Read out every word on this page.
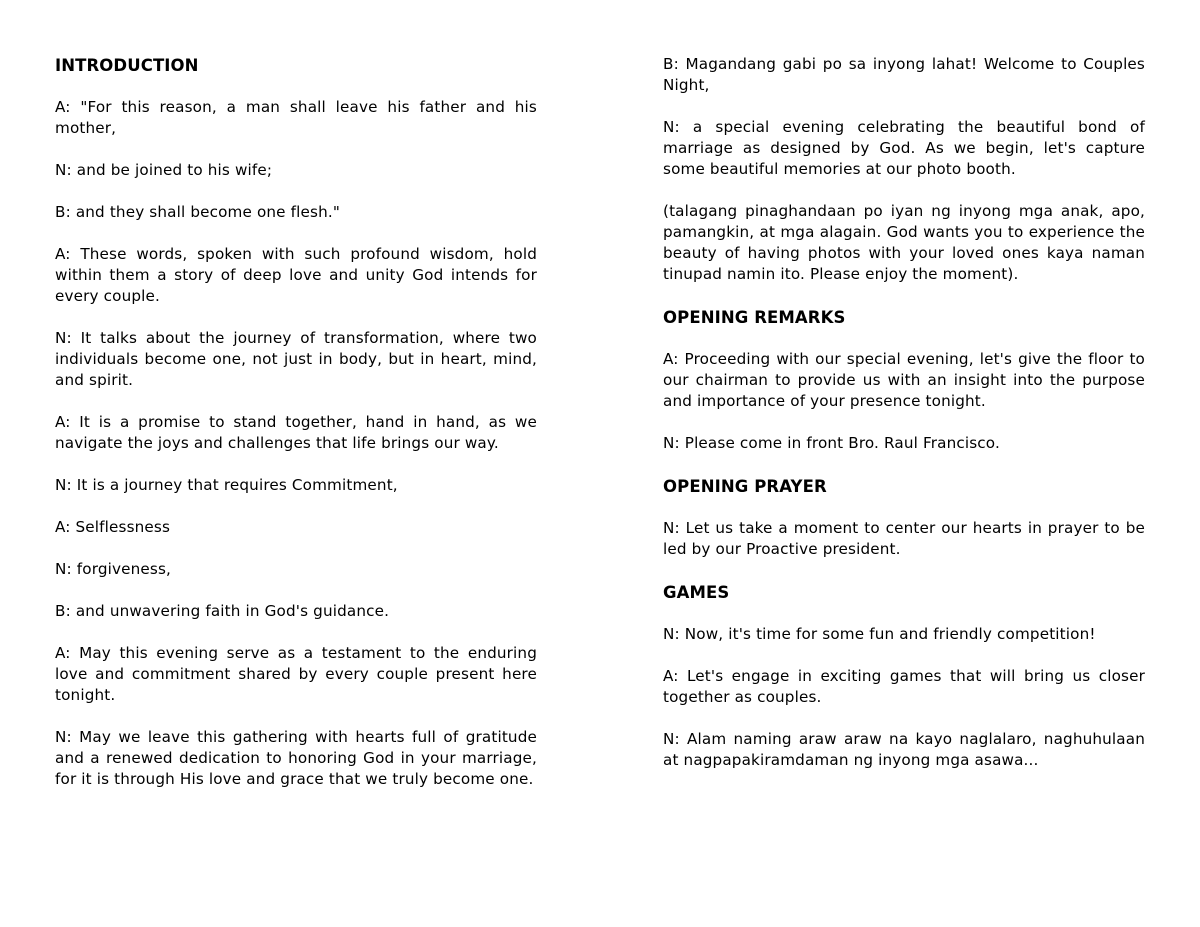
INTRODUCTION

A: "For this reason, a man shall leave his father and his mother,

N: and be joined to his wife;

B: and they shall become one flesh."

A: These words, spoken with such profound wisdom, hold within them a story of deep love and unity God intends for every couple.

N: It talks about the journey of transformation, where two individuals become one, not just in body, but in heart, mind, and spirit.

A: It is a promise to stand together, hand in hand, as we navigate the joys and challenges that life brings our way.

N: It is a journey that requires Commitment,

A: Selflessness

N: forgiveness,

B: and unwavering faith in God's guidance.

A: May this evening serve as a testament to the enduring love and commitment shared by every couple present here tonight.

N: May we leave this gathering with hearts full of gratitude and a renewed dedication to honoring God in your marriage, for it is through His love and grace that we truly become one.

B: Magandang gabi po sa inyong lahat! Welcome to Couples Night,

N: a special evening celebrating the beautiful bond of marriage as designed by God. As we begin, let's capture some beautiful memories at our photo booth.

(talagang pinaghandaan po iyan ng inyong mga anak, apo, pamangkin, at mga alagain. God wants you to experience the beauty of having photos with your loved ones kaya naman tinupad namin ito. Please enjoy the moment).

OPENING REMARKS

A: Proceeding with our special evening, let's give the floor to our chairman to provide us with an insight into the purpose and importance of your presence tonight.

N: Please come in front Bro. Raul Francisco.

OPENING PRAYER

N: Let us take a moment to center our hearts in prayer to be led by our Proactive president.

GAMES

N: Now, it's time for some fun and friendly competition!

A: Let's engage in exciting games that will bring us closer together as couples.

N: Alam naming araw araw na kayo naglalaro, naghuhulaan at nagpapakiramdaman ng inyong mga asawa...
